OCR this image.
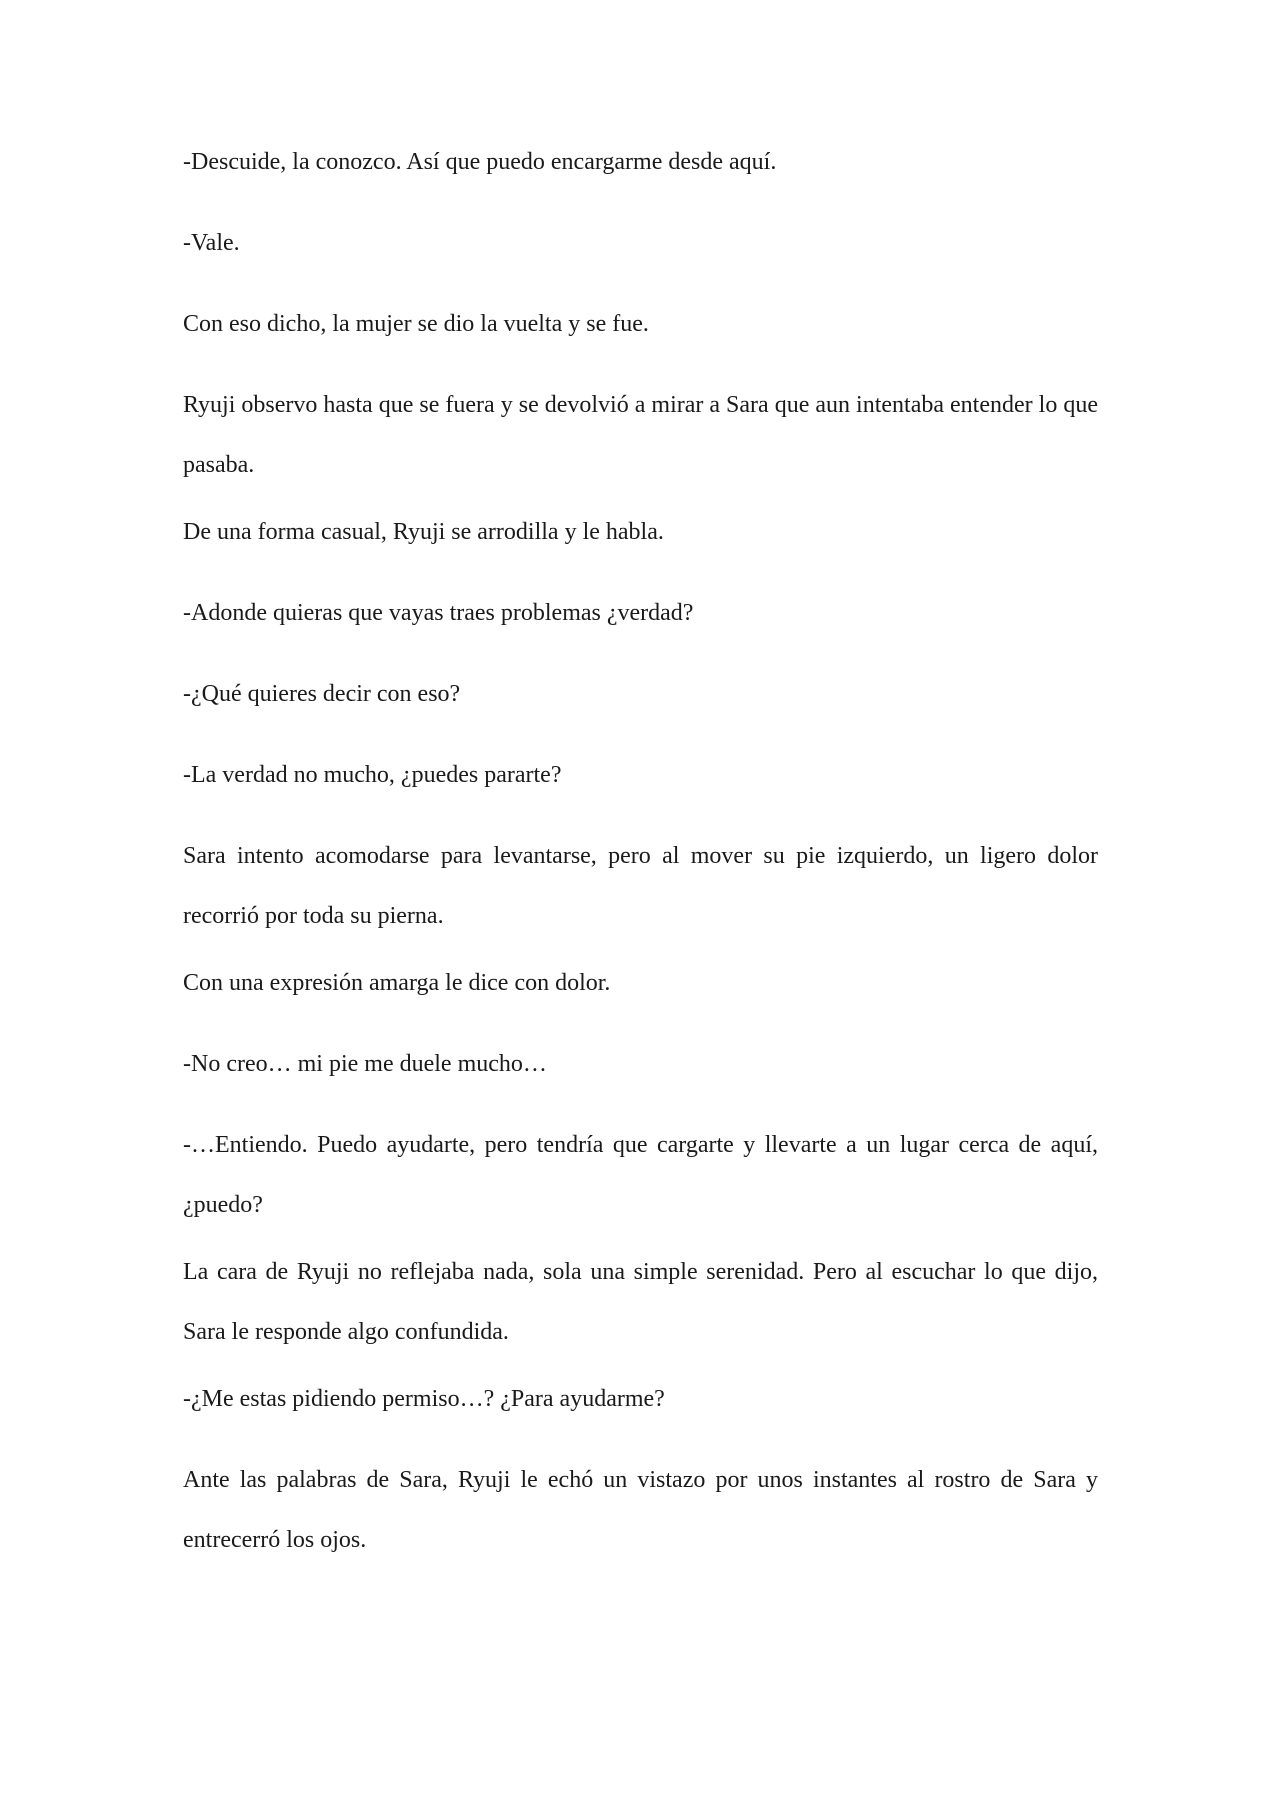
-Descuide, la conozco. Así que puedo encargarme desde aquí.

-Vale.

Con eso dicho, la mujer se dio la vuelta y se fue.

Ryuji observo hasta que se fuera y se devolvió a mirar a Sara que aun intentaba entender lo que pasaba.

De una forma casual, Ryuji se arrodilla y le habla.

-Adonde quieras que vayas traes problemas ¿verdad?

-¿Qué quieres decir con eso?

-La verdad no mucho, ¿puedes pararte?

Sara intento acomodarse para levantarse, pero al mover su pie izquierdo, un ligero dolor recorrió por toda su pierna.

Con una expresión amarga le dice con dolor.

-No creo… mi pie me duele mucho…

-…Entiendo. Puedo ayudarte, pero tendría que cargarte y llevarte a un lugar cerca de aquí, ¿puedo?

La cara de Ryuji no reflejaba nada, sola una simple serenidad. Pero al escuchar lo que dijo, Sara le responde algo confundida.

-¿Me estas pidiendo permiso…? ¿Para ayudarme?

Ante las palabras de Sara, Ryuji le echó un vistazo por unos instantes al rostro de Sara y entrecerró los ojos.
